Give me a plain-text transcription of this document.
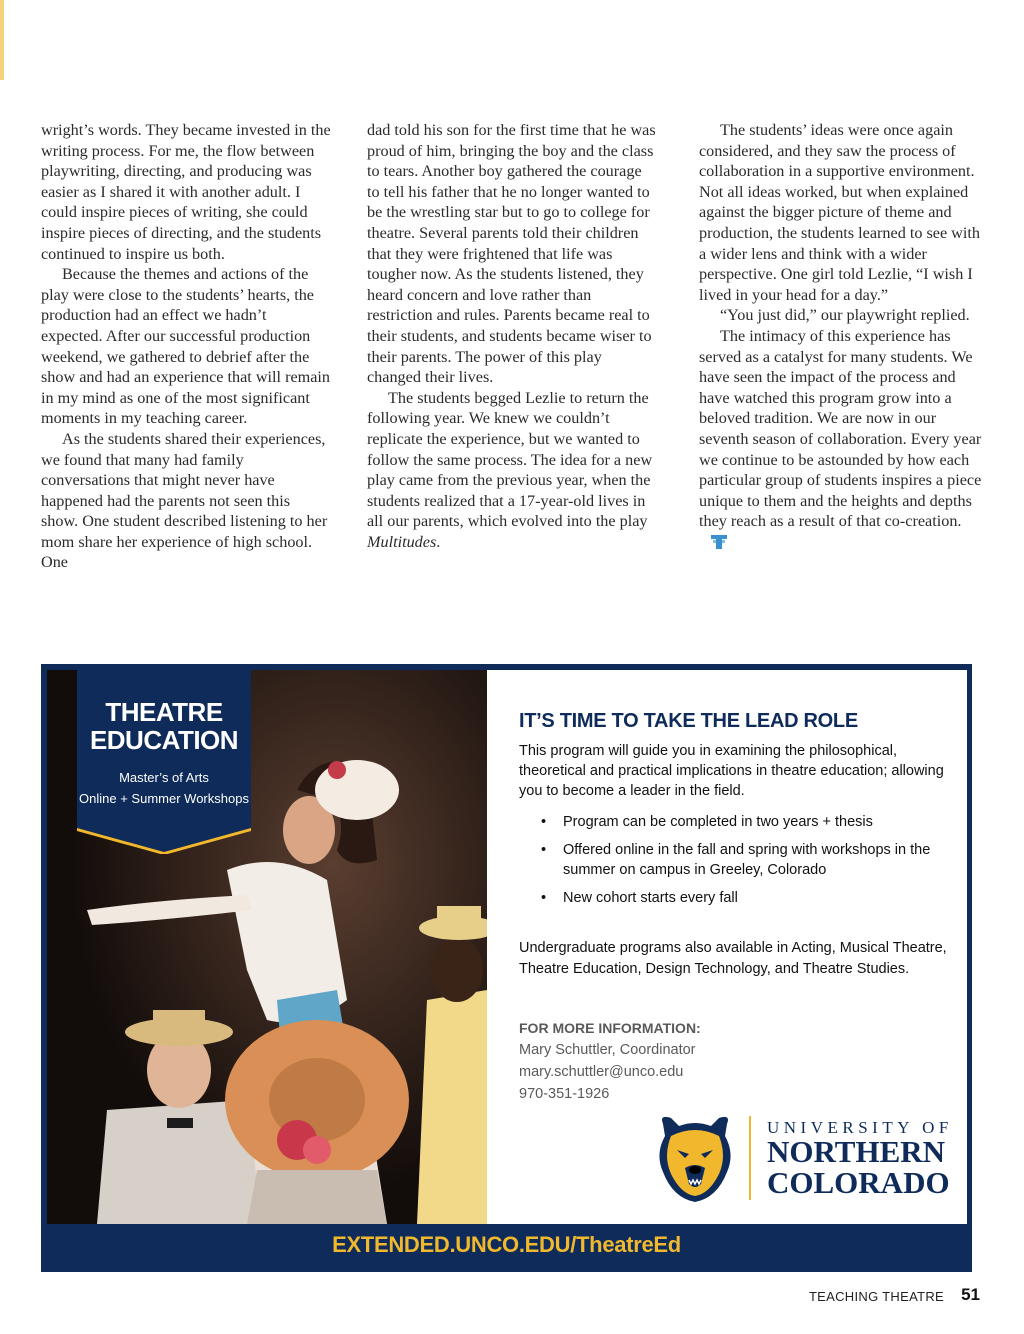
wright’s words. They became invested in the writing process. For me, the flow between playwriting, directing, and producing was easier as I shared it with another adult. I could inspire pieces of writing, she could inspire pieces of directing, and the students continued to inspire us both.

Because the themes and actions of the play were close to the students’ hearts, the production had an effect we hadn’t expected. After our successful production weekend, we gathered to debrief after the show and had an experience that will remain in my mind as one of the most significant moments in my teaching career.

As the students shared their experiences, we found that many had family conversations that might never have happened had the parents not seen this show. One student described listening to her mom share her experience of high school. One

dad told his son for the first time that he was proud of him, bringing the boy and the class to tears. Another boy gathered the courage to tell his father that he no longer wanted to be the wrestling star but to go to college for theatre. Several parents told their children that they were frightened that life was tougher now. As the students listened, they heard concern and love rather than restriction and rules. Parents became real to their students, and students became wiser to their parents. The power of this play changed their lives.

The students begged Lezlie to return the following year. We knew we couldn’t replicate the experience, but we wanted to follow the same process. The idea for a new play came from the previous year, when the students realized that a 17-year-old lives in all our parents, which evolved into the play Multitudes.

The students’ ideas were once again considered, and they saw the process of collaboration in a supportive environment. Not all ideas worked, but when explained against the bigger picture of theme and production, the students learned to see with a wider lens and think with a wider perspective. One girl told Lezlie, “I wish I lived in your head for a day.”

“You just did,” our playwright replied.

The intimacy of this experience has served as a catalyst for many students. We have seen the impact of the process and have watched this program grow into a beloved tradition. We are now in our seventh season of collaboration. Every year we continue to be astounded by how each particular group of students inspires a piece unique to them and the heights and depths they reach as a result of that co-creation.

THEATRE
EDUCATION
Master’s of Arts
Online + Summer Workshops
IT’S TIME TO TAKE THE LEAD ROLE
This program will guide you in examining the philosophical, theoretical and practical implications in theatre education; allowing you to become a leader in the field.
• Program can be completed in two years + thesis
• Offered online in the fall and spring with workshops in the summer on campus in Greeley, Colorado
• New cohort starts every fall
Undergraduate programs also available in Acting, Musical Theatre, Theatre Education, Design Technology, and Theatre Studies.
FOR MORE INFORMATION:
Mary Schuttler, Coordinator
mary.schuttler@unco.edu
970-351-1926
UNIVERSITY OF
NORTHERN
COLORADO
EXTENDED.UNCO.EDU/TheatreEd
TEACHING THEATRE 51
